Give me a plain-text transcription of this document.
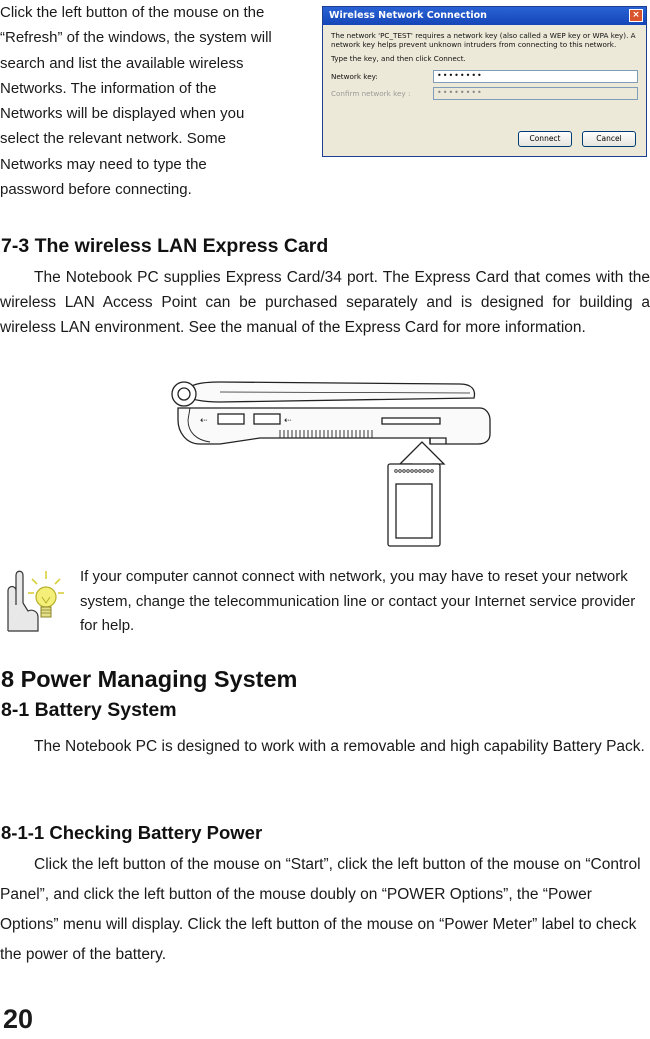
Click the left button of the mouse on the “Refresh” of the windows, the system will search and list the available wireless Networks. The information of the Networks will be displayed when you select the relevant network. Some Networks may need to type the password before connecting.

Wireless Network Connection	×
The network 'PC_TEST' requires a network key (also called a WEP key or WPA key). A network key helps prevent unknown intruders from connecting to this network.
Type the key, and then click Connect.
Network key:	••••••••
Confirm network key :	••••••••
Connect	Cancel
7-3 The wireless LAN Express Card

The Notebook PC supplies Express Card/34 port. The Express Card that comes with the wireless LAN Access Point can be purchased separately and is designed for building a wireless LAN environment. See the manual of the Express Card for more information.

⇠	⇠

If your computer cannot connect with network, you may have to reset your network system, change the telecommunication line or contact your Internet service provider for help.

8 Power Managing System
8-1 Battery System

The Notebook PC is designed to work with a removable and high capability Battery Pack.

8-1-1 Checking Battery Power

Click the left button of the mouse on “Start”, click the left button of the mouse on “Control Panel”, and click the left button of the mouse doubly on “POWER Options”, the “Power Options” menu will display. Click the left button of the mouse on “Power Meter” label to check the power of the battery.

20
